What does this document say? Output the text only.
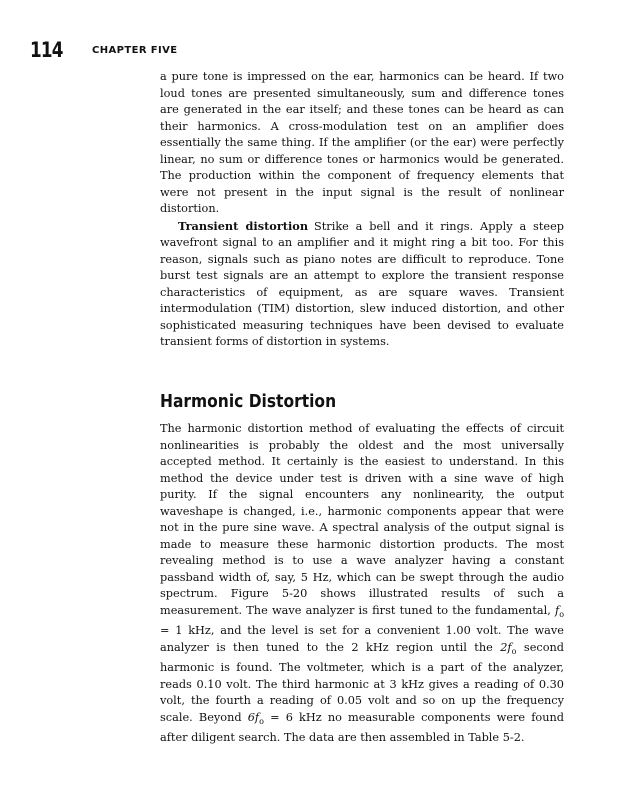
114	CHAPTER FIVE

a pure tone is impressed on the ear, harmonics can be heard. If two loud tones are presented simultaneously, sum and difference tones are generated in the ear itself; and these tones can be heard as can their harmonics. A cross-modulation test on an amplifier does essentially the same thing. If the amplifier (or the ear) were perfectly linear, no sum or difference tones or harmonics would be generated. The production within the component of frequency elements that were not present in the input signal is the result of nonlinear distortion.

Transient distortion Strike a bell and it rings. Apply a steep wavefront signal to an amplifier and it might ring a bit too. For this reason, signals such as piano notes are difficult to reproduce. Tone burst test signals are an attempt to explore the transient response characteristics of equipment, as are square waves. Transient intermodulation (TIM) distortion, slew induced distortion, and other sophisticated measuring techniques have been devised to evaluate transient forms of distortion in systems.

Harmonic Distortion

The harmonic distortion method of evaluating the effects of circuit nonlinearities is probably the oldest and the most universally accepted method. It certainly is the easiest to understand. In this method the device under test is driven with a sine wave of high purity. If the signal encounters any nonlinearity, the output waveshape is changed, i.e., harmonic components appear that were not in the pure sine wave. A spectral analysis of the output signal is made to measure these harmonic distortion products. The most revealing method is to use a wave analyzer having a constant passband width of, say, 5 Hz, which can be swept through the audio spectrum. Figure 5-20 shows illustrated results of such a measurement. The wave analyzer is first tuned to the fundamental, $f_o = 1$ kHz, and the level is set for a convenient 1.00 volt. The wave analyzer is then tuned to the 2 kHz region until the $2f_o$ second harmonic is found. The voltmeter, which is a part of the analyzer, reads 0.10 volt. The third harmonic at 3 kHz gives a reading of 0.30 volt, the fourth a reading of 0.05 volt and so on up the frequency scale. Beyond $6f_o = 6$ kHz no measurable components were found after diligent search. The data are then assembled in Table 5-2.
